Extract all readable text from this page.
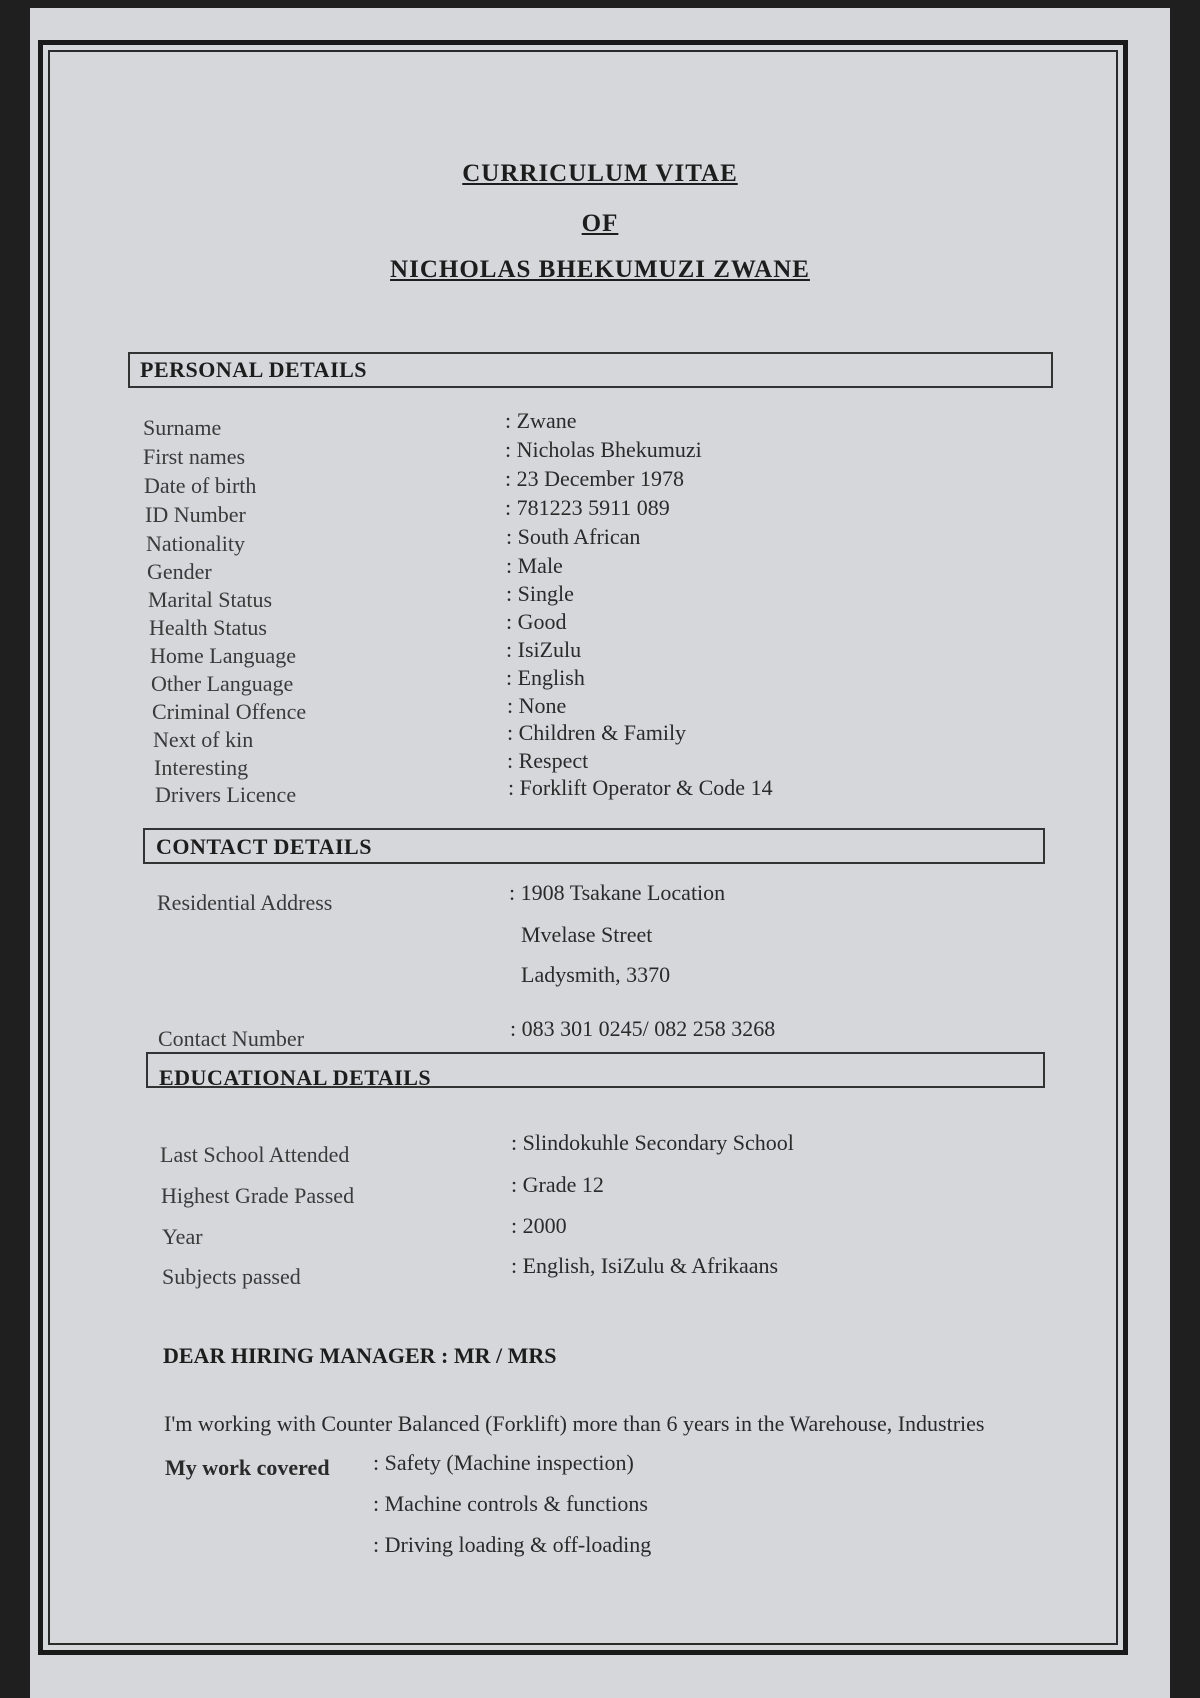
CURRICULUM VITAE
OF
NICHOLAS BHEKUMUZI ZWANE
PERSONAL DETAILS
Surname	: Zwane
First names	: Nicholas Bhekumuzi
Date of birth	: 23 December 1978
ID Number	: 781223 5911 089
Nationality	: South African
Gender	: Male
Marital Status	: Single
Health Status	: Good
Home Language	: IsiZulu
Other Language	: English
Criminal Offence	: None
Next of kin	: Children & Family
Interesting	: Respect
Drivers Licence	: Forklift Operator & Code 14
CONTACT DETAILS
Residential Address	: 1908 Tsakane Location
Mvelase Street
Ladysmith, 3370
Contact Number	: 083 301 0245/ 082 258 3268
EDUCATIONAL DETAILS
Last School Attended	: Slindokuhle Secondary School
Highest Grade Passed	: Grade 12
Year	: 2000
Subjects passed	: English, IsiZulu & Afrikaans
DEAR HIRING MANAGER : MR / MRS
I'm working with Counter Balanced (Forklift) more than 6 years in the Warehouse, Industries
My work covered : Safety (Machine inspection)
: Machine controls & functions
: Driving loading & off-loading
